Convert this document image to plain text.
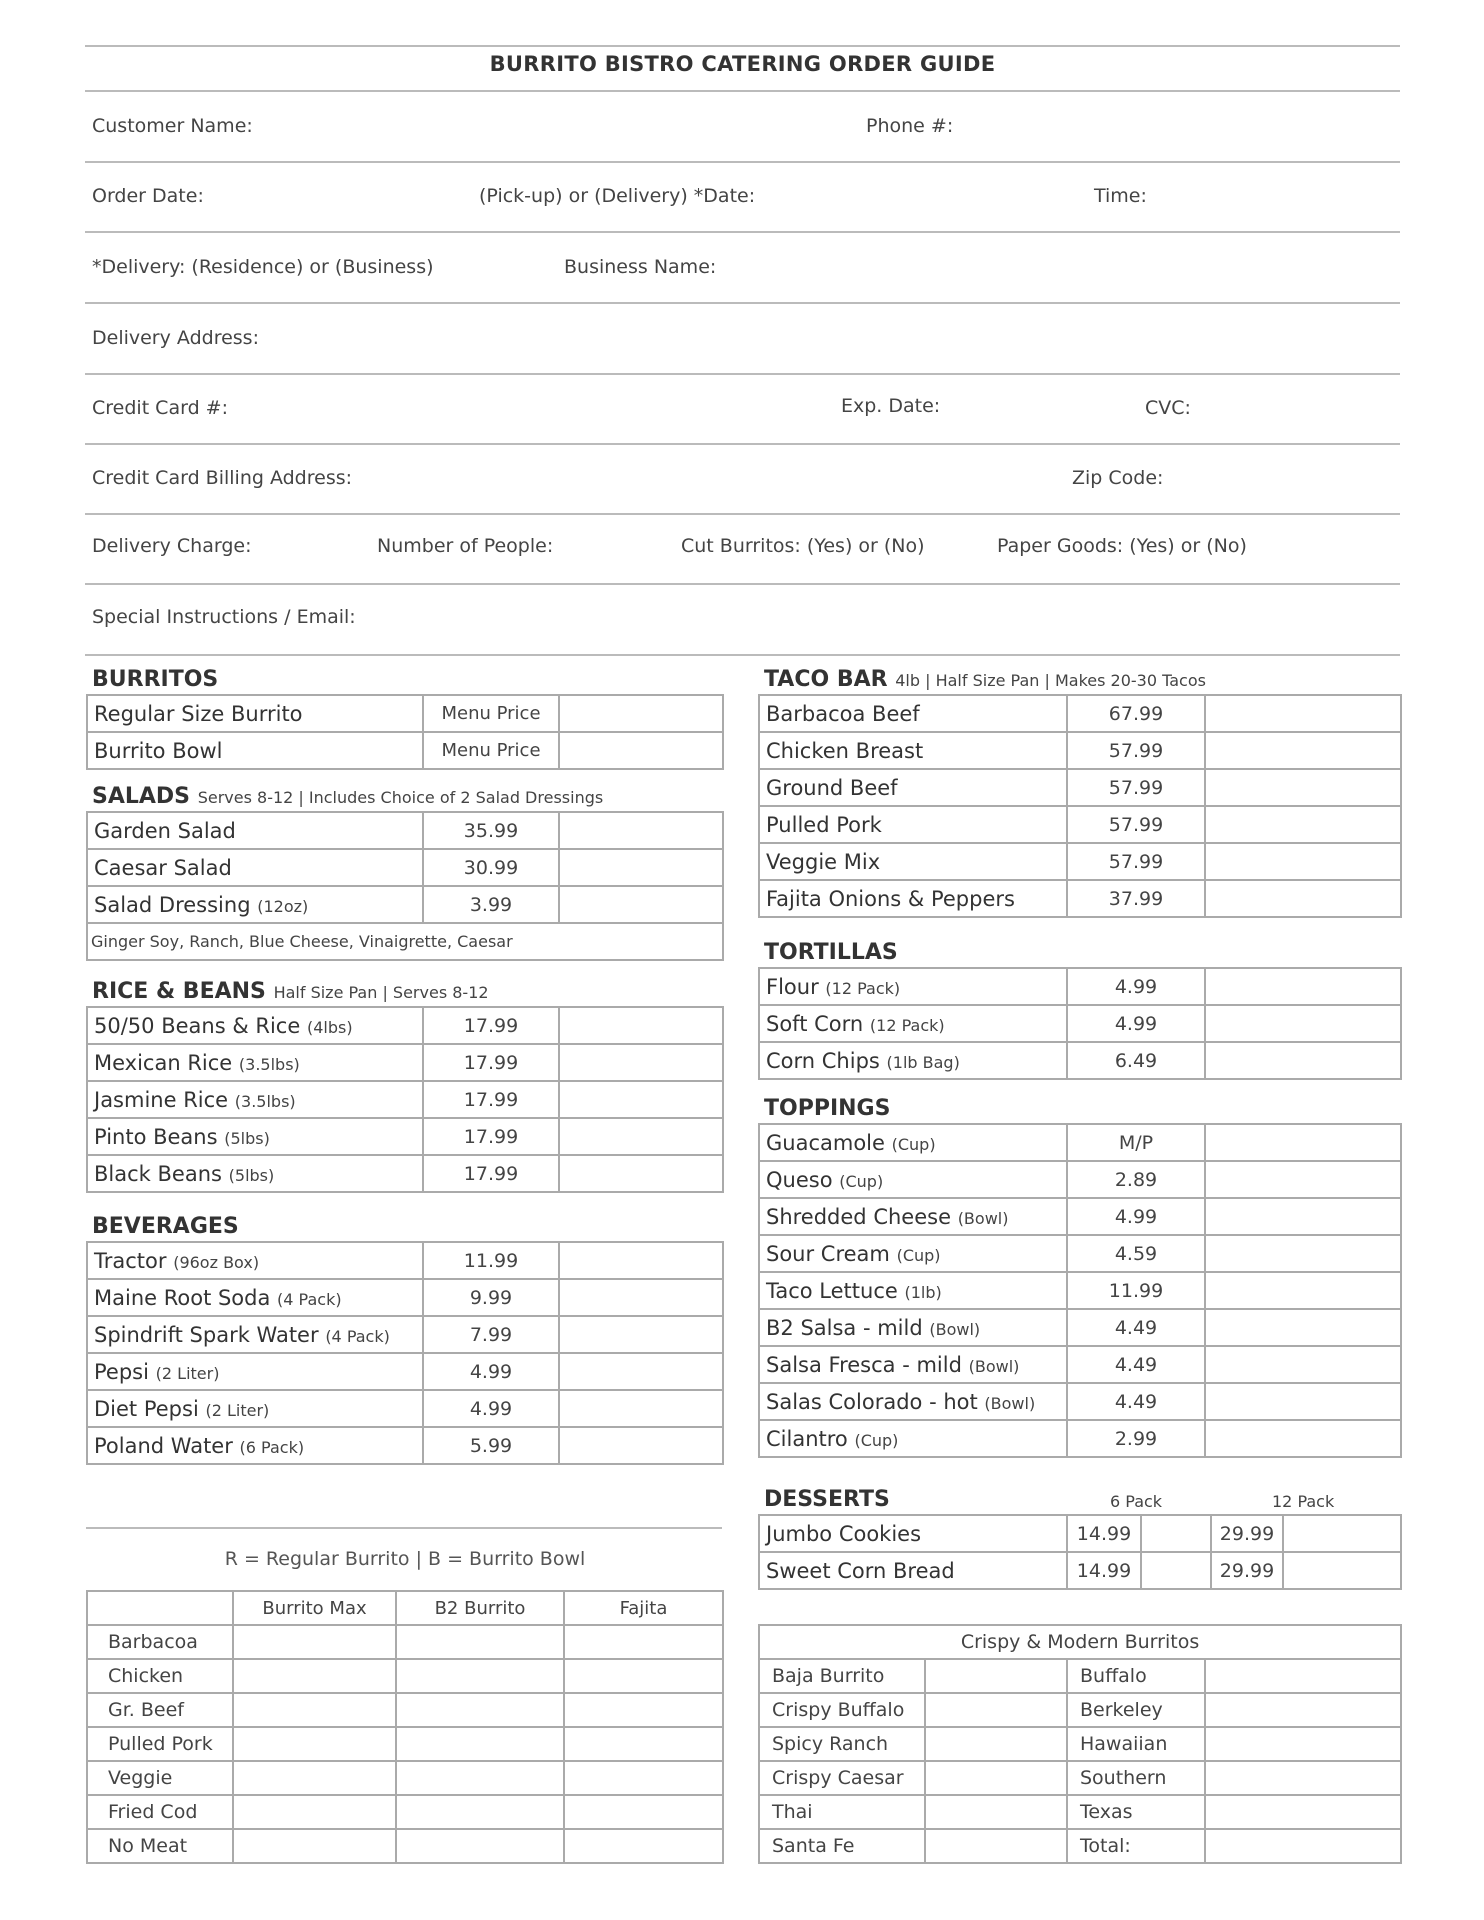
BURRITO BISTRO CATERING ORDER GUIDE
Customer Name:	Phone #:
Order Date:	(Pick-up) or (Delivery) *Date:	Time:
*Delivery: (Residence) or (Business)	Business Name:
Delivery Address:
Credit Card #:	Exp. Date:	CVC:
Credit Card Billing Address:	Zip Code:
Delivery Charge:	Number of People:	Cut Burritos: (Yes) or (No)	Paper Goods: (Yes) or (No)
Special Instructions / Email:
BURRITOS
Regular Size Burrito	Menu Price	
Burrito Bowl	Menu Price	
SALADS Serves 8-12 | Includes Choice of 2 Salad Dressings
Garden Salad	35.99	
Caesar Salad	30.99	
Salad Dressing (12oz)	3.99	
Ginger Soy, Ranch, Blue Cheese, Vinaigrette, Caesar		
RICE & BEANS Half Size Pan | Serves 8-12
50/50 Beans & Rice (4lbs)	17.99	
Mexican Rice (3.5lbs)	17.99	
Jasmine Rice (3.5lbs)	17.99	
Pinto Beans (5lbs)	17.99	
Black Beans (5lbs)	17.99	
BEVERAGES
Tractor (96oz Box)	11.99	
Maine Root Soda (4 Pack)	9.99	
Spindrift Spark Water (4 Pack)	7.99	
Pepsi (2 Liter)	4.99	
Diet Pepsi (2 Liter)	4.99	
Poland Water (6 Pack)	5.99	
R = Regular Burrito | B = Burrito Bowl
	Burrito Max	B2 Burrito	Fajita
Barbacoa			
Chicken			
Gr. Beef			
Pulled Pork			
Veggie			
Fried Cod			
No Meat			
TACO BAR 4lb | Half Size Pan | Makes 20-30 Tacos
Barbacoa Beef	67.99	
Chicken Breast	57.99	
Ground Beef	57.99	
Pulled Pork	57.99	
Veggie Mix	57.99	
Fajita Onions & Peppers	37.99	
TORTILLAS
Flour (12 Pack)	4.99	
Soft Corn (12 Pack)	4.99	
Corn Chips (1lb Bag)	6.49	
TOPPINGS
Guacamole (Cup)	M/P	
Queso (Cup)	2.89	
Shredded Cheese (Bowl)	4.99	
Sour Cream (Cup)	4.59	
Taco Lettuce (1lb)	11.99	
B2 Salsa - mild (Bowl)	4.49	
Salsa Fresca - mild (Bowl)	4.49	
Salas Colorado - hot (Bowl)	4.49	
Cilantro (Cup)	2.99	
DESSERTS	6 Pack	12 Pack
Jumbo Cookies	14.99		29.99	
Sweet Corn Bread	14.99		29.99	
Crispy & Modern Burritos			
Baja Burrito		Buffalo	
Crispy Buffalo		Berkeley	
Spicy Ranch		Hawaiian	
Crispy Caesar		Southern	
Thai		Texas	
Santa Fe		Total:	
